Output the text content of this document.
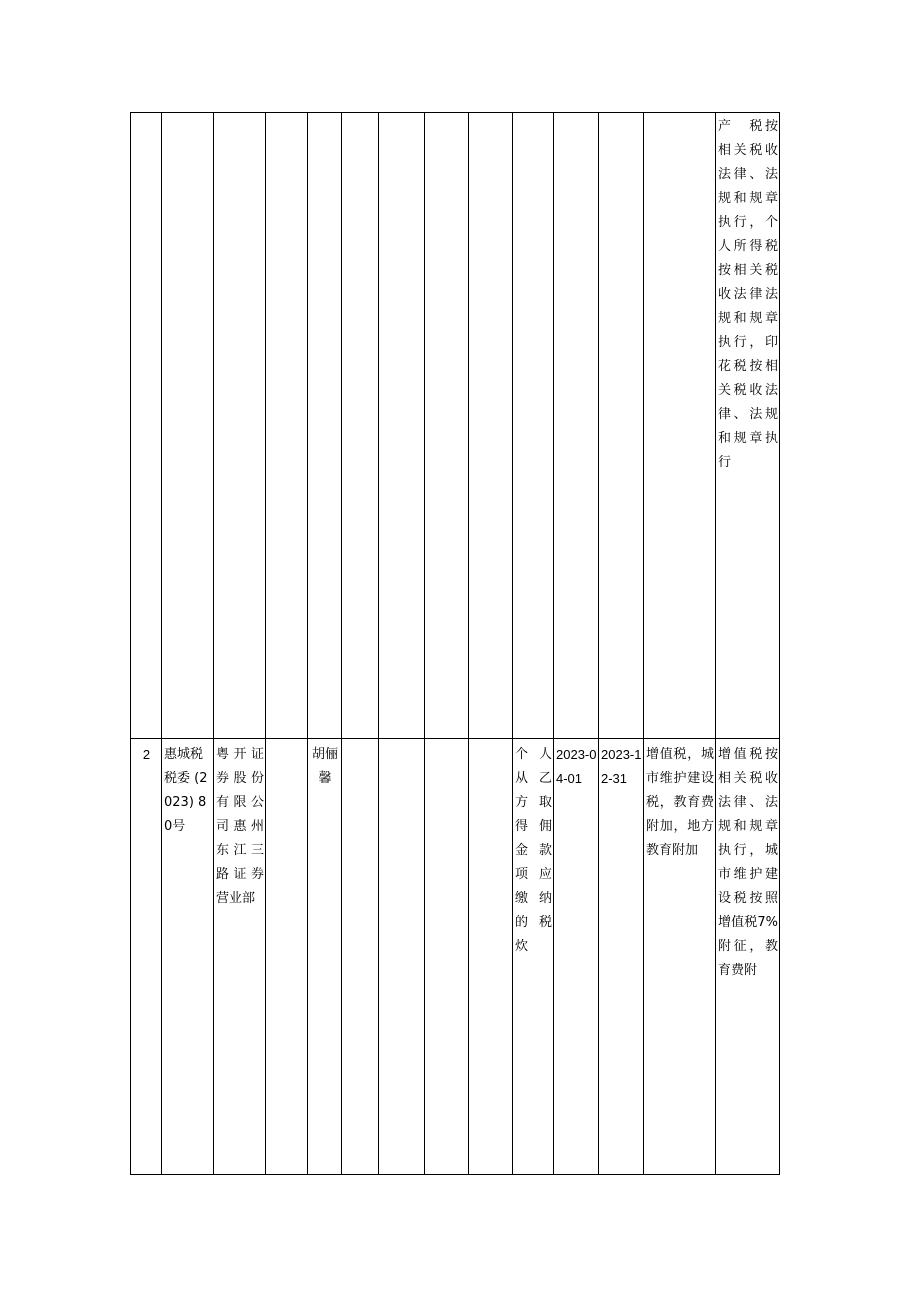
													产　税按相关税收法律、法规和规章执行，个人所得税按相关税收法律法规和规章执行，印花税按相关税收法律、法规和规章执行
2	惠城税税委 (2023) 80号	粤开证券股份有限公司惠州东江三路证券营业部		胡俪馨					个人从乙方取得佣金款项应缴纳的税炊	2023-04-01	2023-12-31	增值税，城市维护建设税，教育费附加，地方教育附加	增值税按相关税收法律、法规和规章执行，城市维护建设税按照增值税7%附征，教育费附
